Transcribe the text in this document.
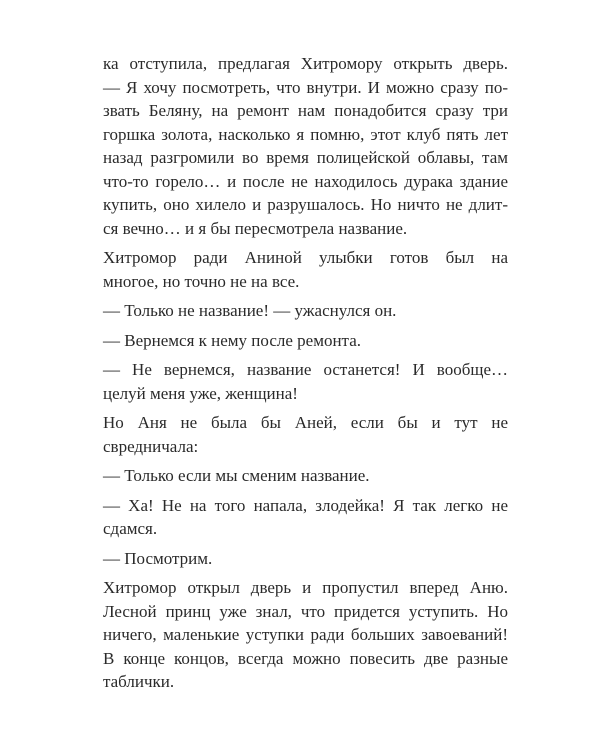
ка отступила, предлагая Хитромору открыть дверь.
— Я хочу посмотреть, что внутри. И можно сразу по-
звать Беляну, на ремонт нам понадобится сразу три
горшка золота, насколько я помню, этот клуб пять лет
назад разгромили во время полицейской облавы, там
что-то горело… и после не находилось дурака здание
купить, оно хилело и разрушалось. Но ничто не длит-
ся вечно… и я бы пересмотрела название.
Хитромор ради Аниной улыбки готов был на
многое, но точно не на все.
— Только не название! — ужаснулся он.
— Вернемся к нему после ремонта.
— Не вернемся, название останется! И вообще…
целуй меня уже, женщина!
Но Аня не была бы Аней, если бы и тут не
свредничала:
— Только если мы сменим название.
— Ха! Не на того напала, злодейка! Я так легко не
сдамся.
— Посмотрим.
Хитромор открыл дверь и пропустил вперед Аню.
Лесной принц уже знал, что придется уступить. Но
ничего, маленькие уступки ради больших завоеваний!
В конце концов, всегда можно повесить две разные
таблички.
